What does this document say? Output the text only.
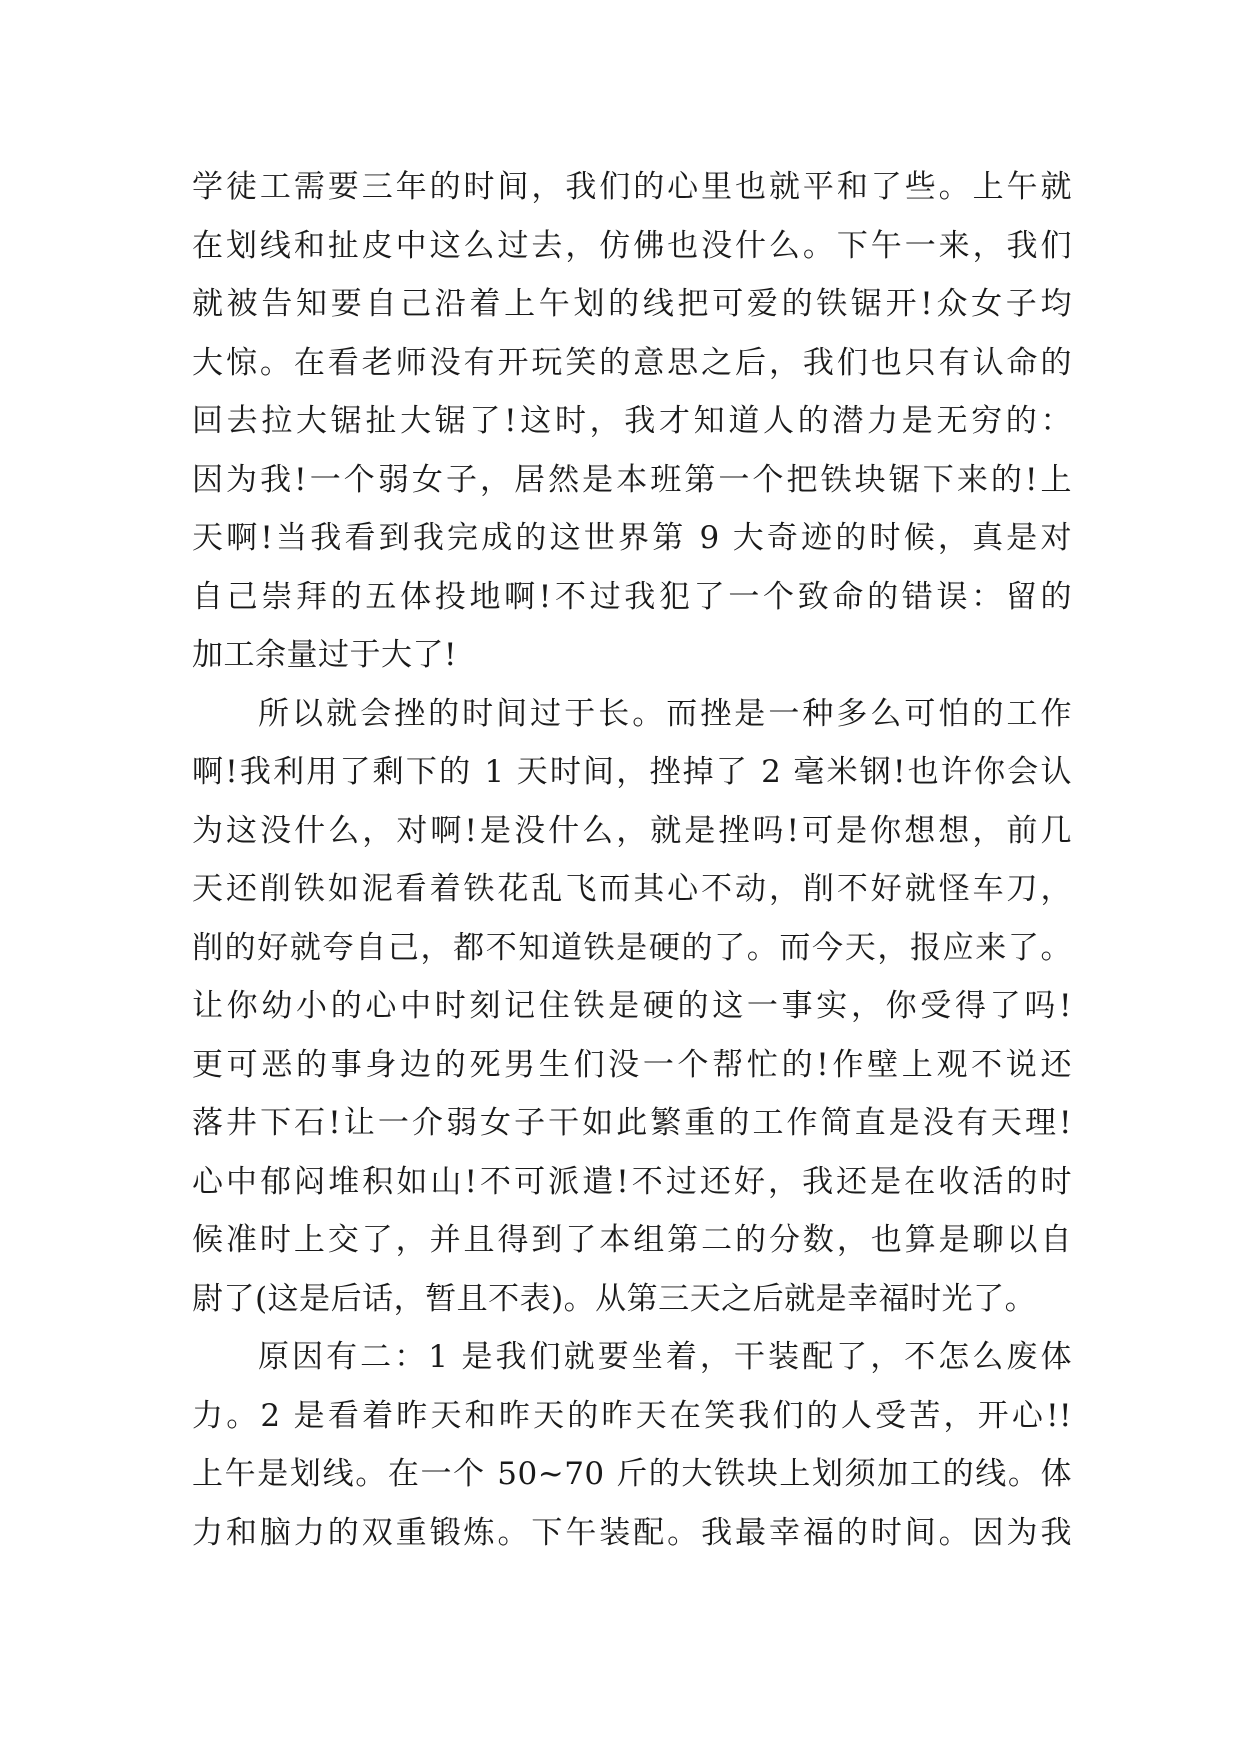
学徒工需要三年的时间，我们的心里也就平和了些。上午就
在划线和扯皮中这么过去，仿佛也没什么。下午一来，我们
就被告知要自己沿着上午划的线把可爱的铁锯开!众女子均
大惊。在看老师没有开玩笑的意思之后，我们也只有认命的
回去拉大锯扯大锯了!这时，我才知道人的潜力是无穷的：
因为我!一个弱女子，居然是本班第一个把铁块锯下来的!上
天啊!当我看到我完成的这世界第 9 大奇迹的时候，真是对
自己崇拜的五体投地啊!不过我犯了一个致命的错误：留的
加工余量过于大了!
所以就会挫的时间过于长。而挫是一种多么可怕的工作
啊!我利用了剩下的 1 天时间，挫掉了 2 毫米钢!也许你会认
为这没什么，对啊!是没什么，就是挫吗!可是你想想，前几
天还削铁如泥看着铁花乱飞而其心不动，削不好就怪车刀，
削的好就夸自己，都不知道铁是硬的了。而今天，报应来了。
让你幼小的心中时刻记住铁是硬的这一事实，你受得了吗!
更可恶的事身边的死男生们没一个帮忙的!作壁上观不说还
落井下石!让一介弱女子干如此繁重的工作简直是没有天理!
心中郁闷堆积如山!不可派遣!不过还好，我还是在收活的时
候准时上交了，并且得到了本组第二的分数，也算是聊以自
尉了(这是后话，暂且不表)。从第三天之后就是幸福时光了。
原因有二：1 是我们就要坐着，干装配了，不怎么废体
力。2 是看着昨天和昨天的昨天在笑我们的人受苦，开心!!
上午是划线。在一个 50~70 斤的大铁块上划须加工的线。体
力和脑力的双重锻炼。下午装配。我最幸福的时间。因为我
